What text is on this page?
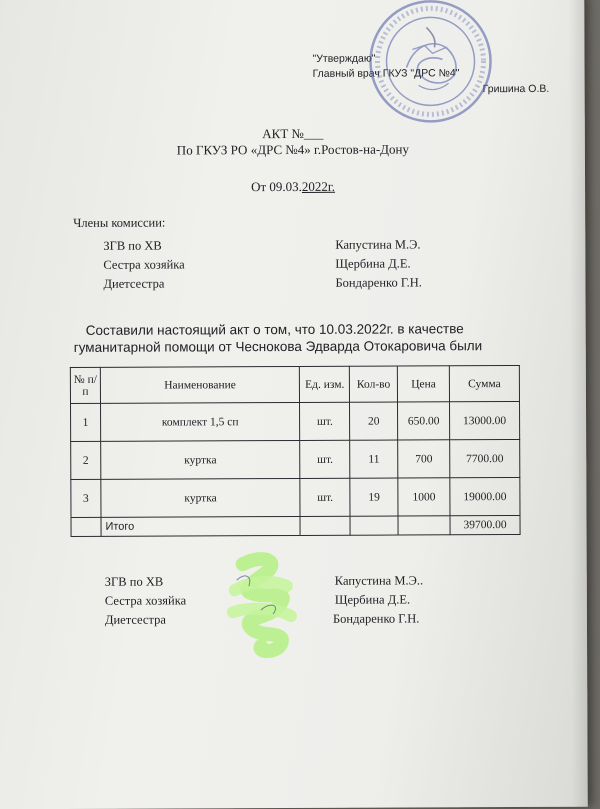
"Утверждаю"
Главный врач ГКУЗ "ДРС №4"
Гришина О.В.
АКТ №___
По ГКУЗ РО «ДРС №4» г.Ростов-на-Дону
От 09.03.2022г.
Члены комиссии:
ЗГВ по ХВ	Капустина М.Э.
Сестра хозяйка	Щербина Д.Е.
Диетсестра	Бондаренко Г.Н.
Составили настоящий акт о том, что 10.03.2022г. в качестве
гуманитарной помощи от Чеснокова Эдварда Отокаровича были
№ п/п	Наименование	Ед. изм.	Кол-во	Цена	Сумма
1	комплект 1,5 сп	шт.	20	650.00	13000.00
2	куртка	шт.	11	700	7700.00
3	куртка	шт.	19	1000	19000.00
	Итого				39700.00
ЗГВ по ХВ	Капустина М.Э..
Сестра хозяйка	Щербина Д.Е.
Диетсестра	Бондаренко Г.Н.
